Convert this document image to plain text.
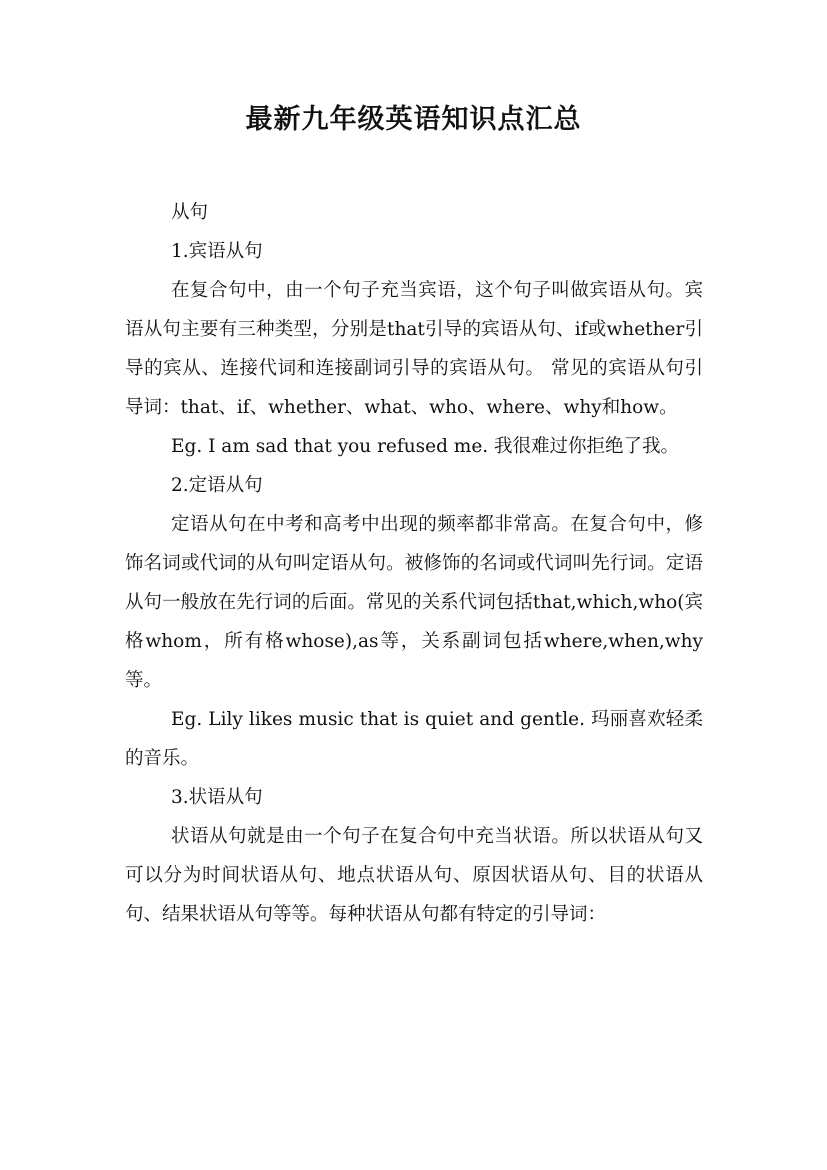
最新九年级英语知识点汇总

从句

1.宾语从句

在复合句中，由一个句子充当宾语，这个句子叫做宾语从句。宾语从句主要有三种类型，分别是that引导的宾语从句、if或whether引导的宾从、连接代词和连接副词引导的宾语从句。 常见的宾语从句引导词：that、if、whether、what、who、where、why和how。

Eg. I am sad that you refused me. 我很难过你拒绝了我。

2.定语从句

定语从句在中考和高考中出现的频率都非常高。在复合句中，修饰名词或代词的从句叫定语从句。被修饰的名词或代词叫先行词。定语从句一般放在先行词的后面。常见的关系代词包括that,which,who(宾格whom，所有格whose),as等，关系副词包括where,when,why等。

Eg. Lily likes music that is quiet and gentle. 玛丽喜欢轻柔的音乐。

3.状语从句

状语从句就是由一个句子在复合句中充当状语。所以状语从句又可以分为时间状语从句、地点状语从句、原因状语从句、目的状语从句、结果状语从句等等。每种状语从句都有特定的引导词：
